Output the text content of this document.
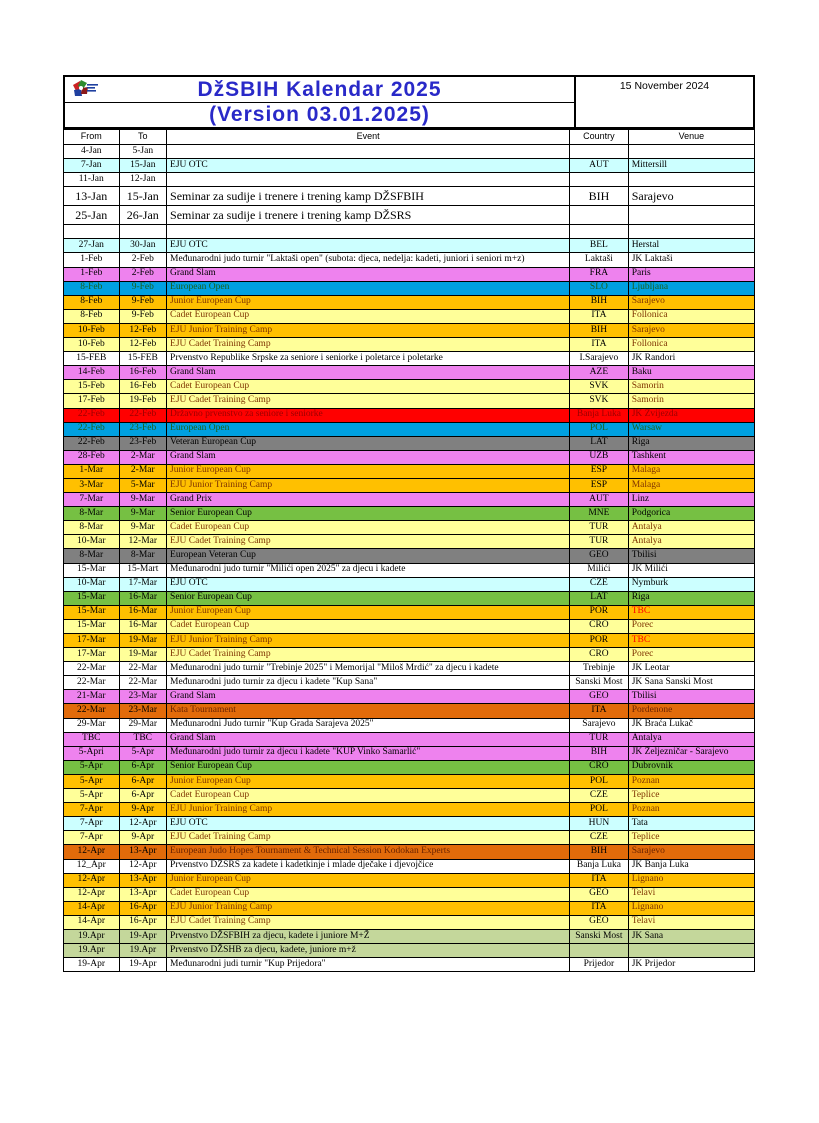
DžSBIH Kalendar 2025
(Version 03.01.2025)
15 November 2024
From	To	Event	Country	Venue
4-Jan	5-Jan			
7-Jan	15-Jan	EJU OTC	AUT	Mittersill
11-Jan	12-Jan			
13-Jan	15-Jan	Seminar za sudije i trenere i trening kamp DŽSFBIH	BIH	Sarajevo
25-Jan	26-Jan	Seminar za sudije i trenere i trening kamp DŽSRS		

27-Jan	30-Jan	EJU OTC	BEL	Herstal
1-Feb	2-Feb	Međunarodni judo turnir "Laktaši open" (subota: djeca, nedelja: kadeti, juniori i seniori m+z)	Laktaši	JK Laktaši
1-Feb	2-Feb	Grand Slam	FRA	Paris
8-Feb	9-Feb	European Open	SLO	Ljubljana
8-Feb	9-Feb	Junior European Cup	BIH	Sarajevo
8-Feb	9-Feb	Cadet European Cup	ITA	Follonica
10-Feb	12-Feb	EJU Junior Training Camp	BIH	Sarajevo
10-Feb	12-Feb	EJU Cadet Training Camp	ITA	Follonica
15-FEB	15-FEB	Prvenstvo Republike Srpske za seniore i seniorke i poletarce i poletarke	I.Sarajevo	JK Randori
14-Feb	16-Feb	Grand Slam	AZE	Baku
15-Feb	16-Feb	Cadet European Cup	SVK	Samorin
17-Feb	19-Feb	EJU Cadet Training Camp	SVK	Samorin
22-Feb	22-Feb	Državno prvenstvo za seniore i seniorke	Banja Luka	JK Zvijezda
22-Feb	23-Feb	European Open	POL	Warsaw
22-Feb	23-Feb	Veteran European Cup	LAT	Riga
28-Feb	2-Mar	Grand Slam	UZB	Tashkent
1-Mar	2-Mar	Junior European Cup	ESP	Malaga
3-Mar	5-Mar	EJU Junior Training Camp	ESP	Malaga
7-Mar	9-Mar	Grand Prix	AUT	Linz
8-Mar	9-Mar	Senior European Cup	MNE	Podgorica
8-Mar	9-Mar	Cadet European Cup	TUR	Antalya
10-Mar	12-Mar	EJU Cadet Training Camp	TUR	Antalya
8-Mar	8-Mar	European Veteran Cup	GEO	Tbilisi
15-Mar	15-Mart	Međunarodni judo turnir "Milići open 2025" za djecu i kadete	Milići	JK Milići
10-Mar	17-Mar	EJU OTC	CZE	Nymburk
15-Mar	16-Mar	Senior European Cup	LAT	Riga
15-Mar	16-Mar	Junior European Cup	POR	TBC
15-Mar	16-Mar	Cadet European Cup	CRO	Porec
17-Mar	19-Mar	EJU Junior Training Camp	POR	TBC
17-Mar	19-Mar	EJU Cadet Training Camp	CRO	Porec
22-Mar	22-Mar	Međunarodni judo turnir "Trebinje 2025" i Memorijal "Miloš Mrdić" za djecu i kadete	Trebinje	JK Leotar
22-Mar	22-Mar	Međunarodni judo turnir za djecu i kadete "Kup Sana"	Sanski Most	JK Sana Sanski Most
21-Mar	23-Mar	Grand Slam	GEO	Tbilisi
22-Mar	23-Mar	Kata Tournament	ITA	Pordenone
29-Mar	29-Mar	Međunarodni Judo turnir "Kup Grada Sarajeva 2025"	Sarajevo	JK Braća Lukač
TBC	TBC	Grand Slam	TUR	Antalya
5-Apri	5-Apr	Međunarodni judo turnir za djecu i kadete "KUP Vinko Šamarlić"	BIH	JK Željezničar - Sarajevo
5-Apr	6-Apr	Senior European Cup	CRO	Dubrovnik
5-Apr	6-Apr	Junior European Cup	POL	Poznan
5-Apr	6-Apr	Cadet European Cup	CZE	Teplice
7-Apr	9-Apr	EJU Junior Training Camp	POL	Poznan
7-Apr	12-Apr	EJU OTC	HUN	Tata
7-Apr	9-Apr	EJU Cadet Training Camp	CZE	Teplice
12-Apr	13-Apr	European Judo Hopes Tournament & Technical Session Kodokan Experts	BIH	Sarajevo
12_Apr	12-Apr	Prvenstvo DŽSRS za kadete i kadetkinje i mlade dječake i djevojčice	Banja Luka	JK Banja Luka
12-Apr	13-Apr	Junior European Cup	ITA	Lignano
12-Apr	13-Apr	Cadet European Cup	GEO	Telavi
14-Apr	16-Apr	EJU Junior Training Camp	ITA	Lignano
14-Apr	16-Apr	EJU Cadet Training Camp	GEO	Telavi
19.Apr	19-Apr	Prvenstvo DŽSFBIH za djecu, kadete i juniore M+Ž	Sanski Most	JK Sana
19.Apr	19.Apr	Prvenstvo DŽSHB za djecu, kadete, juniore m+ž		
19-Apr	19-Apr	Međunarodni judi turnir "Kup Prijedora"	Prijedor	JK Prijedor
